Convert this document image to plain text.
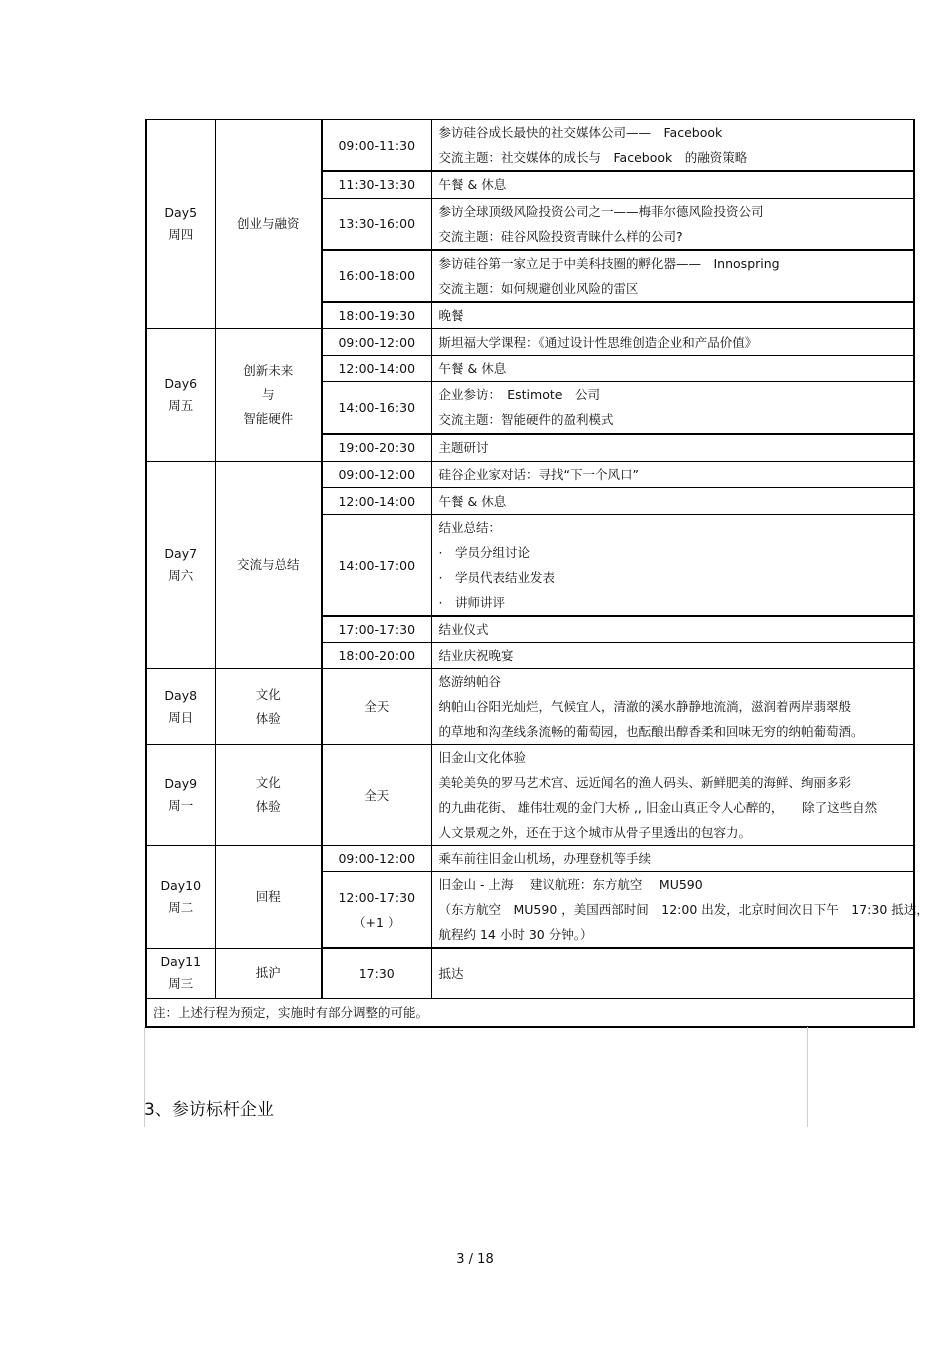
Day5
周四	创业与融资	09:00-11:30	参访硅谷成长最快的社交媒体公司——　Facebook
交流主题：社交媒体的成长与　Facebook　的融资策略

		11:30-13:30	午餐 & 休息

		13:30-16:00	参访全球顶级风险投资公司之一——梅菲尔德风险投资公司
交流主题：硅谷风险投资青睐什么样的公司?

		16:00-18:00	参访硅谷第一家立足于中美科技圈的孵化器——　Innospring
交流主题：如何规避创业风险的雷区

		18:00-19:30	晚餐

Day6
周五	创新未来
与
智能硬件	09:00-12:00	斯坦福大学课程：《通过设计性思维创造企业和产品价值》

		12:00-14:00	午餐 & 休息

		14:00-16:30	企业参访：　Estimote　公司
交流主题：智能硬件的盈利模式

		19:00-20:30	主题研讨

Day7
周六	交流与总结	09:00-12:00	硅谷企业家对话：寻找“下一个风口”

		12:00-14:00	午餐 & 休息

		14:00-17:00	结业总结：
·　学员分组讨论
·　学员代表结业发表
·　讲师讲评

		17:00-17:30	结业仪式

		18:00-20:00	结业庆祝晚宴

Day8
周日	文化
体验	全天	悠游纳帕谷
纳帕山谷阳光灿烂，气候宜人，清澈的溪水静静地流淌，滋润着两岸翡翠般
的草地和沟垄线条流畅的葡萄园，也酝酿出醇香柔和回味无穷的纳帕葡萄酒。

Day9
周一	文化
体验	全天	旧金山文化体验
美轮美奂的罗马艺术宫、远近闻名的渔人码头、新鲜肥美的海鲜、绚丽多彩
的九曲花街、 雄伟壮观的金门大桥 ,, 旧金山真正令人心醉的，　　除了这些自然
人文景观之外，还在于这个城市从骨子里透出的包容力。

Day10
周二	回程	09:00-12:00	乘车前往旧金山机场，办理登机等手续

		12:00-17:30
（+1 ）	旧金山 - 上海　 建议航班：东方航空　 MU590
（东方航空　MU590 ，美国西部时间　12:00 出发，北京时间次日下午　17:30 抵达，
航程约 14 小时 30 分钟。）

Day11
周三	抵沪	17:30	抵达

注：上述行程为预定，实施时有部分调整的可能。			
3、参访标杆企业
3 / 18
